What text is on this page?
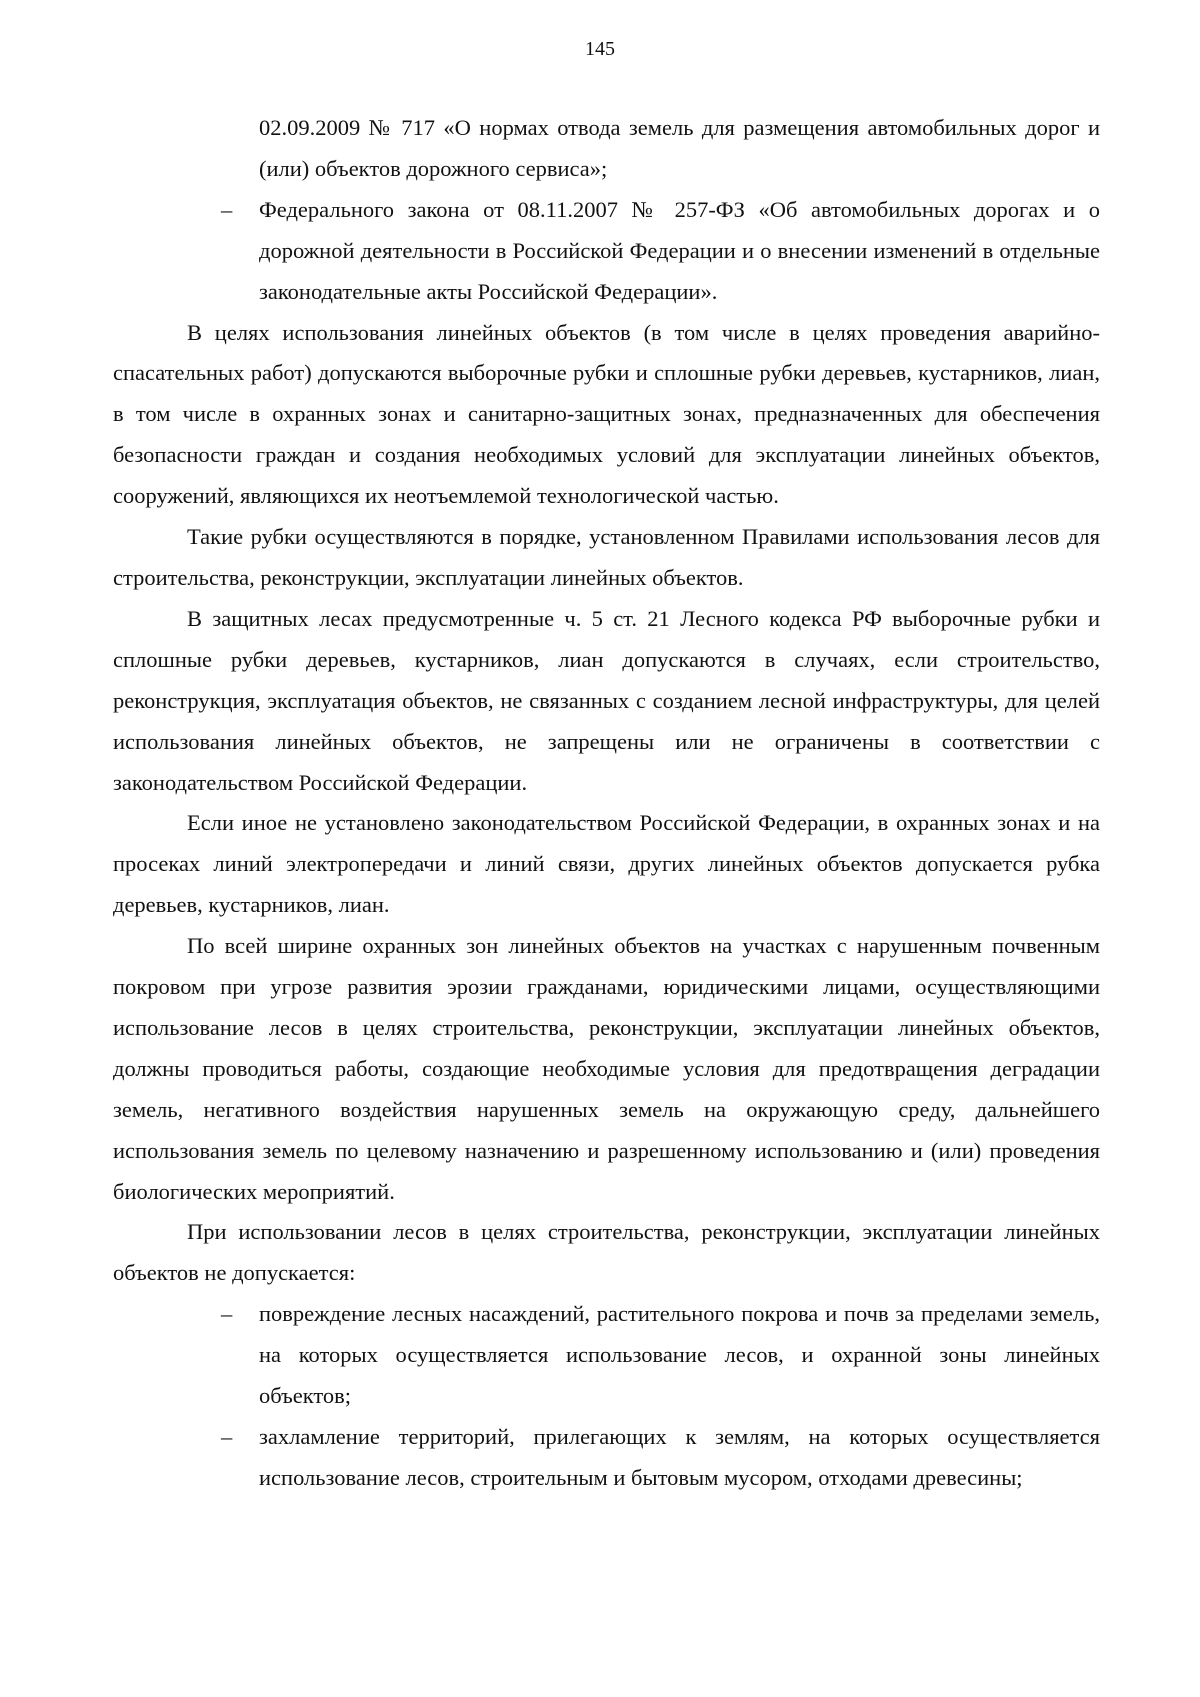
145

02.09.2009 № 717 «О нормах отвода земель для размещения автомобильных дорог и (или) объектов дорожного сервиса»;

– Федерального закона от 08.11.2007 № 257-ФЗ «Об автомобильных дорогах и о дорожной деятельности в Российской Федерации и о внесении изменений в отдельные законодательные акты Российской Федерации».

В целях использования линейных объектов (в том числе в целях проведения аварийно-спасательных работ) допускаются выборочные рубки и сплошные рубки деревьев, кустарников, лиан, в том числе в охранных зонах и санитарно-защитных зонах, предназначенных для обеспечения безопасности граждан и создания необходимых условий для эксплуатации линейных объектов, сооружений, являющихся их неотъемлемой технологической частью.

Такие рубки осуществляются в порядке, установленном Правилами использования лесов для строительства, реконструкции, эксплуатации линейных объектов.

В защитных лесах предусмотренные ч. 5 ст. 21 Лесного кодекса РФ выборочные рубки и сплошные рубки деревьев, кустарников, лиан допускаются в случаях, если строительство, реконструкция, эксплуатация объектов, не связанных с созданием лесной инфраструктуры, для целей использования линейных объектов, не запрещены или не ограничены в соответствии с законодательством Российской Федерации.

Если иное не установлено законодательством Российской Федерации, в охранных зонах и на просеках линий электропередачи и линий связи, других линейных объектов допускается рубка деревьев, кустарников, лиан.

По всей ширине охранных зон линейных объектов на участках с нарушенным почвенным покровом при угрозе развития эрозии гражданами, юридическими лицами, осуществляющими использование лесов в целях строительства, реконструкции, эксплуатации линейных объектов, должны проводиться работы, создающие необходимые условия для предотвращения деградации земель, негативного воздействия нарушенных земель на окружающую среду, дальнейшего использования земель по целевому назначению и разрешенному использованию и (или) проведения биологических мероприятий.

При использовании лесов в целях строительства, реконструкции, эксплуатации линейных объектов не допускается:

– повреждение лесных насаждений, растительного покрова и почв за пределами земель, на которых осуществляется использование лесов, и охранной зоны линейных объектов;

– захламление территорий, прилегающих к землям, на которых осуществляется использование лесов, строительным и бытовым мусором, отходами древесины;
